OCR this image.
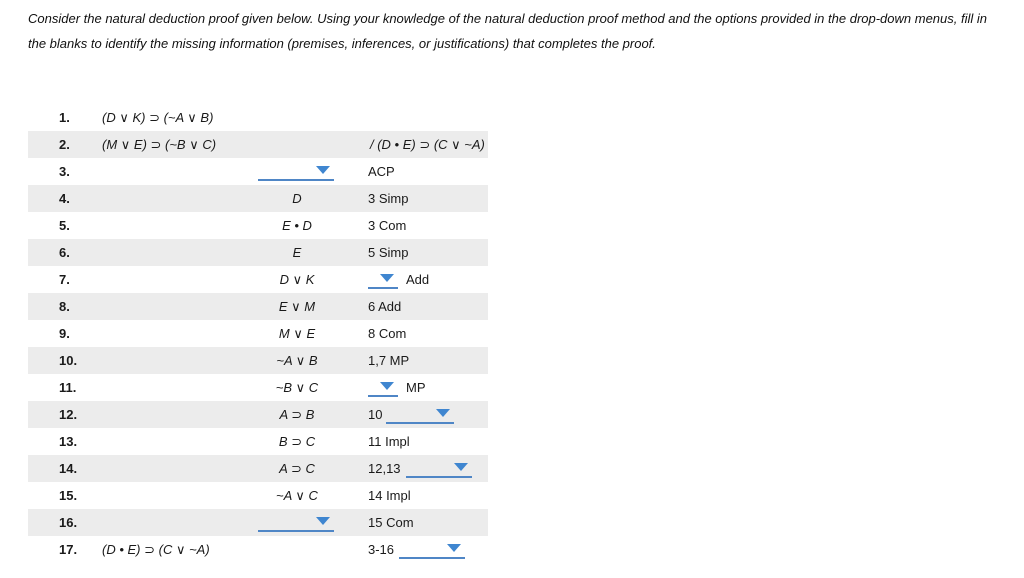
Consider the natural deduction proof given below. Using your knowledge of the natural deduction proof method and the options provided in the drop-down menus, fill in the blanks to identify the missing information (premises, inferences, or justifications) that completes the proof.
1.	(D ∨ K) ⊃ (~A ∨ B)		
2.	(M ∨ E) ⊃ (~B ∨ C)		/ (D • E) ⊃ (C ∨ ~A)
3.			ACP
4.		D	3 Simp
5.		E • D	3 Com
6.		E	5 Simp
7.		D ∨ K	Add
8.		E ∨ M	6 Add
9.		M ∨ E	8 Com
10.		~A ∨ B	1,7 MP
11.		~B ∨ C	MP
12.		A ⊃ B	10

13.		B ⊃ C	11 Impl
14.		A ⊃ C	12,13

15.		~A ∨ C	14 Impl
16.			15 Com
17.	(D • E) ⊃ (C ∨ ~A)		3-16
